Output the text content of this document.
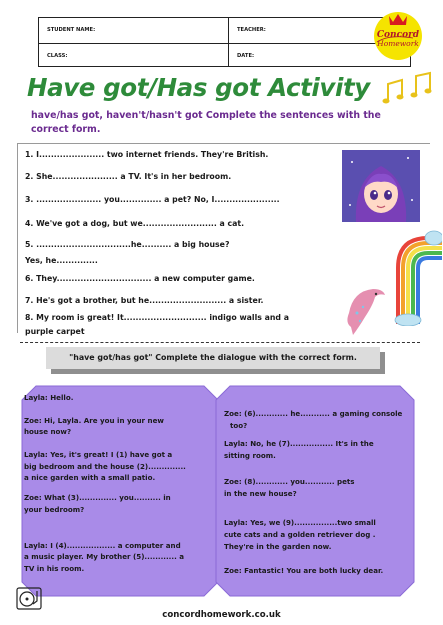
STUDENT NAME:	TEACHER:
CLASS:	DATE:
Concord
Homework
Have got/Has got Activity
have/has got, haven't/hasn't got Complete the sentences with the correct form.
1. I...................... two internet friends. They're British.
2. She...................... a TV. It's in her bedroom.
3. ...................... you.............. a pet? No, I......................
4. We've got a dog, but we......................... a cat.
5. ................................he.......... a big house?
Yes, he..............
6. They................................ a new computer game.
7. He's got a brother, but he.......................... a sister.
8. My room is great! It............................ indigo walls and a
purple carpet
"have got/has got" Complete the dialogue with the correct form.
Layla: Hello.
Zoe: Hi, Layla. Are you in your new
house now?
Layla: Yes, it's great! I (1) have got a
big bedroom and the house (2)..............
a nice garden with a small patio.
Zoe: What (3).............. you.......... in
your bedroom?
Layla: I (4).................. a computer and
a music player. My brother (5)............ a
TV in his room.
Zoe: (6)............ he........... a gaming console
too?
Layla: No, he (7)................ It's in the
sitting room.
Zoe: (8)............ you........... pets
in the new house?
Layla: Yes, we (9)................two small
cute cats and a golden retriever dog .
They're in the garden now.
Zoe: Fantastic! You are both lucky dear.
concordhomework.co.uk
